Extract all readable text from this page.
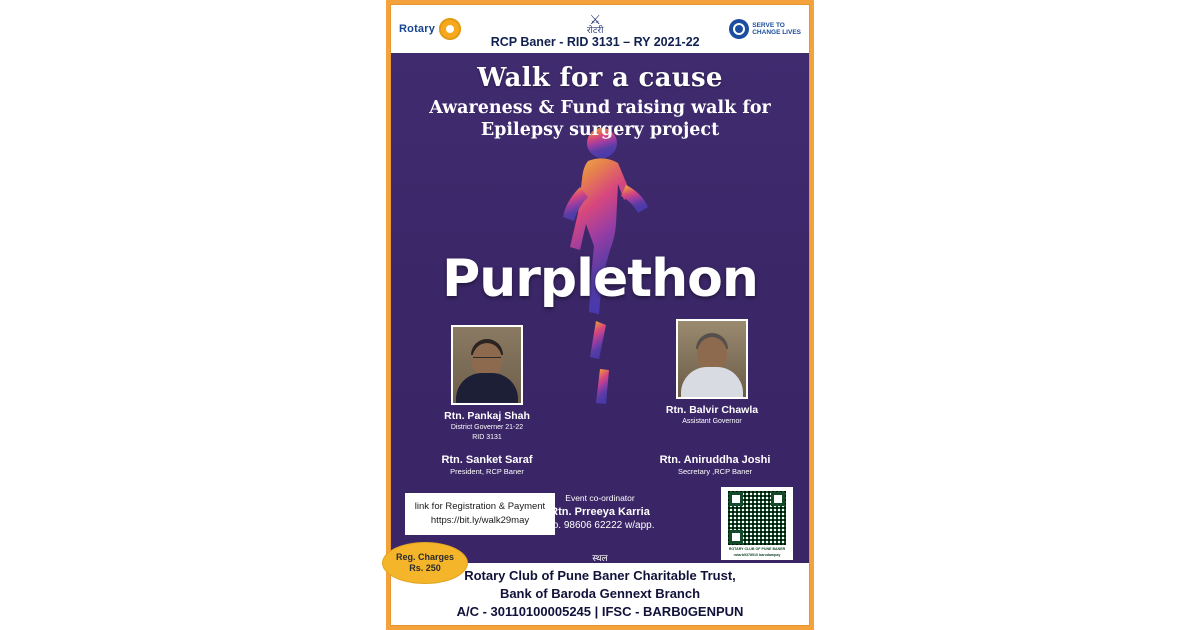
Rotary
⚔
रोटरी
RCP Baner - RID 3131 – RY 2021-22
SERVE TO
CHANGE LIVES
Walk for a cause
Awareness & Fund raising walk for
Epilepsy surgery project
Purplethon
Rtn. Pankaj Shah
District Governer 21-22
RID 3131
Rtn. Balvir Chawla
Assistant Governor
Rtn. Sanket Saraf
President, RCP Baner
Rtn. Aniruddha Joshi
Secretary ,RCP Baner
link for Registration & Payment
https://bit.ly/walk29may
Event co-ordinator
Rtn. Prreeya Karria
No. 98606 62222 w/app.
ROTARY CLUB OF PUNE BANER
rotarb9378910 barodampay
स्थल
Reg. Charges
Rs. 250	Rotary Club of Pune Baner Charitable Trust,
Bank of Baroda Gennext Branch
A/C - 30110100005245 | IFSC - BARB0GENPUN
